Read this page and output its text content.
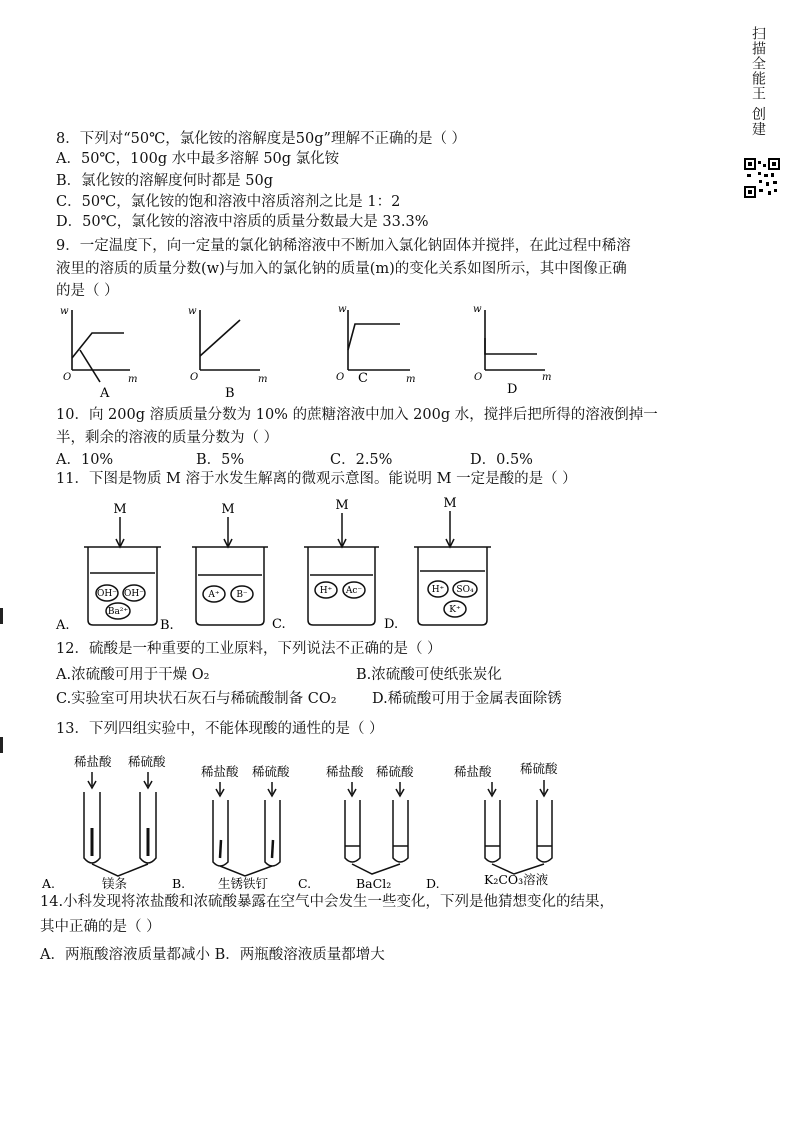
扫描全能王 创建
8．下列对“50℃，氯化铵的溶解度是50g”理解不正确的是（ ）
A．50℃，100g 水中最多溶解 50g 氯化铵
B．氯化铵的溶解度何时都是 50g
C．50℃，氯化铵的饱和溶液中溶质溶剂之比是 1：2
D．50℃，氯化铵的溶液中溶质的质量分数最大是 33.3%
9．一定温度下，向一定量的氯化钠稀溶液中不断加入氯化钠固体并搅拌，在此过程中稀溶
液里的溶质的质量分数(w)与加入的氯化钠的质量(m)的变化关系如图所示，其中图像正确
的是（ ）
w
m
O
w
m
O
w
m
O
w
m
O
A	B
C
D
10．向 200g 溶质质量分数为 10% 的蔗糖溶液中加入 200g 水，搅拌后把所得的溶液倒掉一
半，剩余的溶液的质量分数为（ ）
A．10%	B．5%	C．2.5%	D．0.5%
11．下图是物质 M 溶于水发生解离的微观示意图。能说明 M 一定是酸的是（ ）
M	M	M	M
OH⁻ OH⁻
Ba²⁺
A⁺ B⁻	H⁺ Ac⁻	H⁺ SO₄
K⁺
A.	B.	C.	D.
12．硫酸是一种重要的工业原料，下列说法不正确的是（ ）
A.浓硫酸可用于干燥 O₂	B.浓硫酸可使纸张炭化
C.实验室可用块状石灰石与稀硫酸制备 CO₂ D.稀硫酸可用于金属表面除锈
13．下列四组实验中，不能体现酸的通性的是（ ）
稀盐酸 稀硫酸
稀盐酸 稀硫酸	稀盐酸 稀硫酸	稀盐酸 稀硫酸
A.	镁条	B.	生锈铁钉 C.	BaCl₂	D.	K₂CO₃溶液
14.小科发现将浓盐酸和浓硫酸暴露在空气中会发生一些变化，下列是他猜想变化的结果，
其中正确的是（ ）
A．两瓶酸溶液质量都减小 B．两瓶酸溶液质量都增大
